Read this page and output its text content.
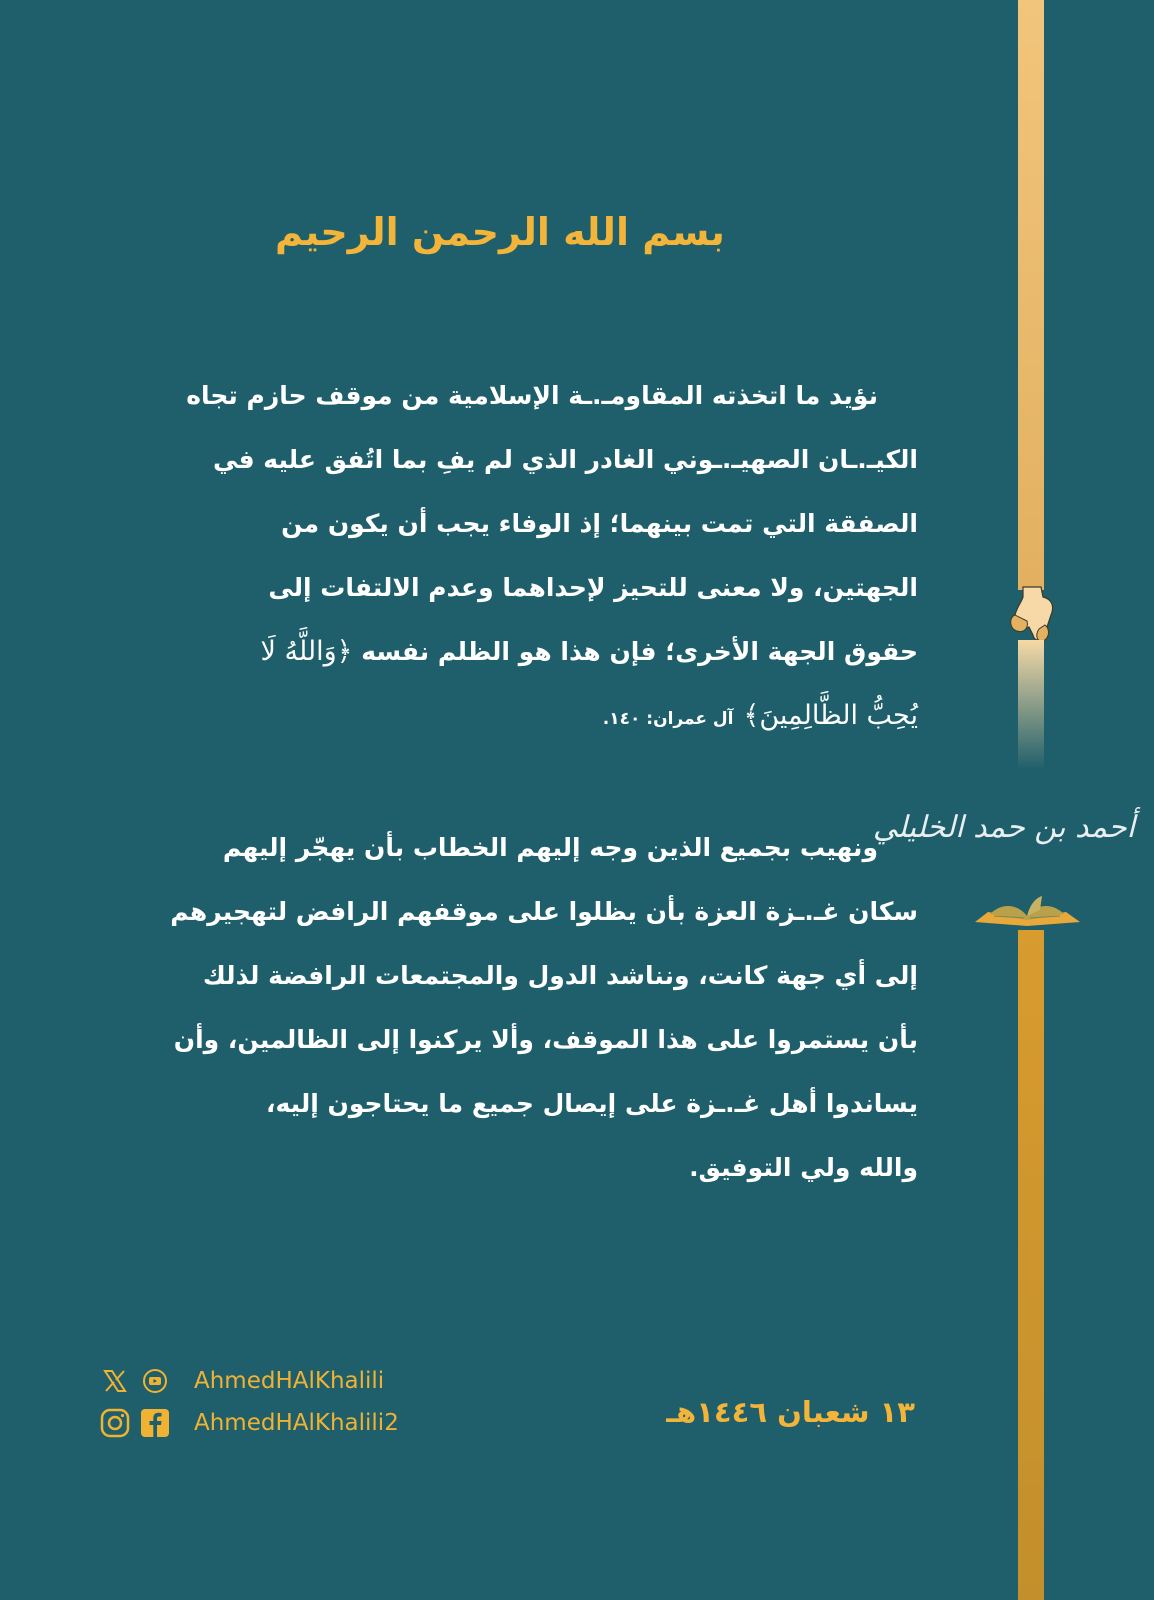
أحمد بن حمد الخليلي
بسم الله الرحمن الرحيم
نؤيد ما اتخذته المقاومـ.ـة الإسلامية من موقف حازم تجاه
الكيـ.ـان الصهيـ.ـوني الغادر الذي لم يفِ بما اتُفق عليه في
الصفقة التي تمت بينهما؛ إذ الوفاء يجب أن يكون من
الجهتين، ولا معنى للتحيز لإحداهما وعدم الالتفات إلى
حقوق الجهة الأخرى؛ فإن هذا هو الظلم نفسه ﴿وَاللَّهُ لَا
يُحِبُّ الظَّالِمِينَ﴾آل عمران: ١٤٠.
ونهيب بجميع الذين وجه إليهم الخطاب بأن يهجّر إليهم
سكان غـ.ـزة العزة بأن يظلوا على موقفهم الرافض لتهجيرهم
إلى أي جهة كانت، ونناشد الدول والمجتمعات الرافضة لذلك
بأن يستمروا على هذا الموقف، وألا يركنوا إلى الظالمين، وأن
يساندوا أهل غـ.ـزة على إيصال جميع ما يحتاجون إليه،
والله ولي التوفيق.
AhmedHAlKhalili
AhmedHAlKhalili2	١٣ شعبان ١٤٤٦هـ
